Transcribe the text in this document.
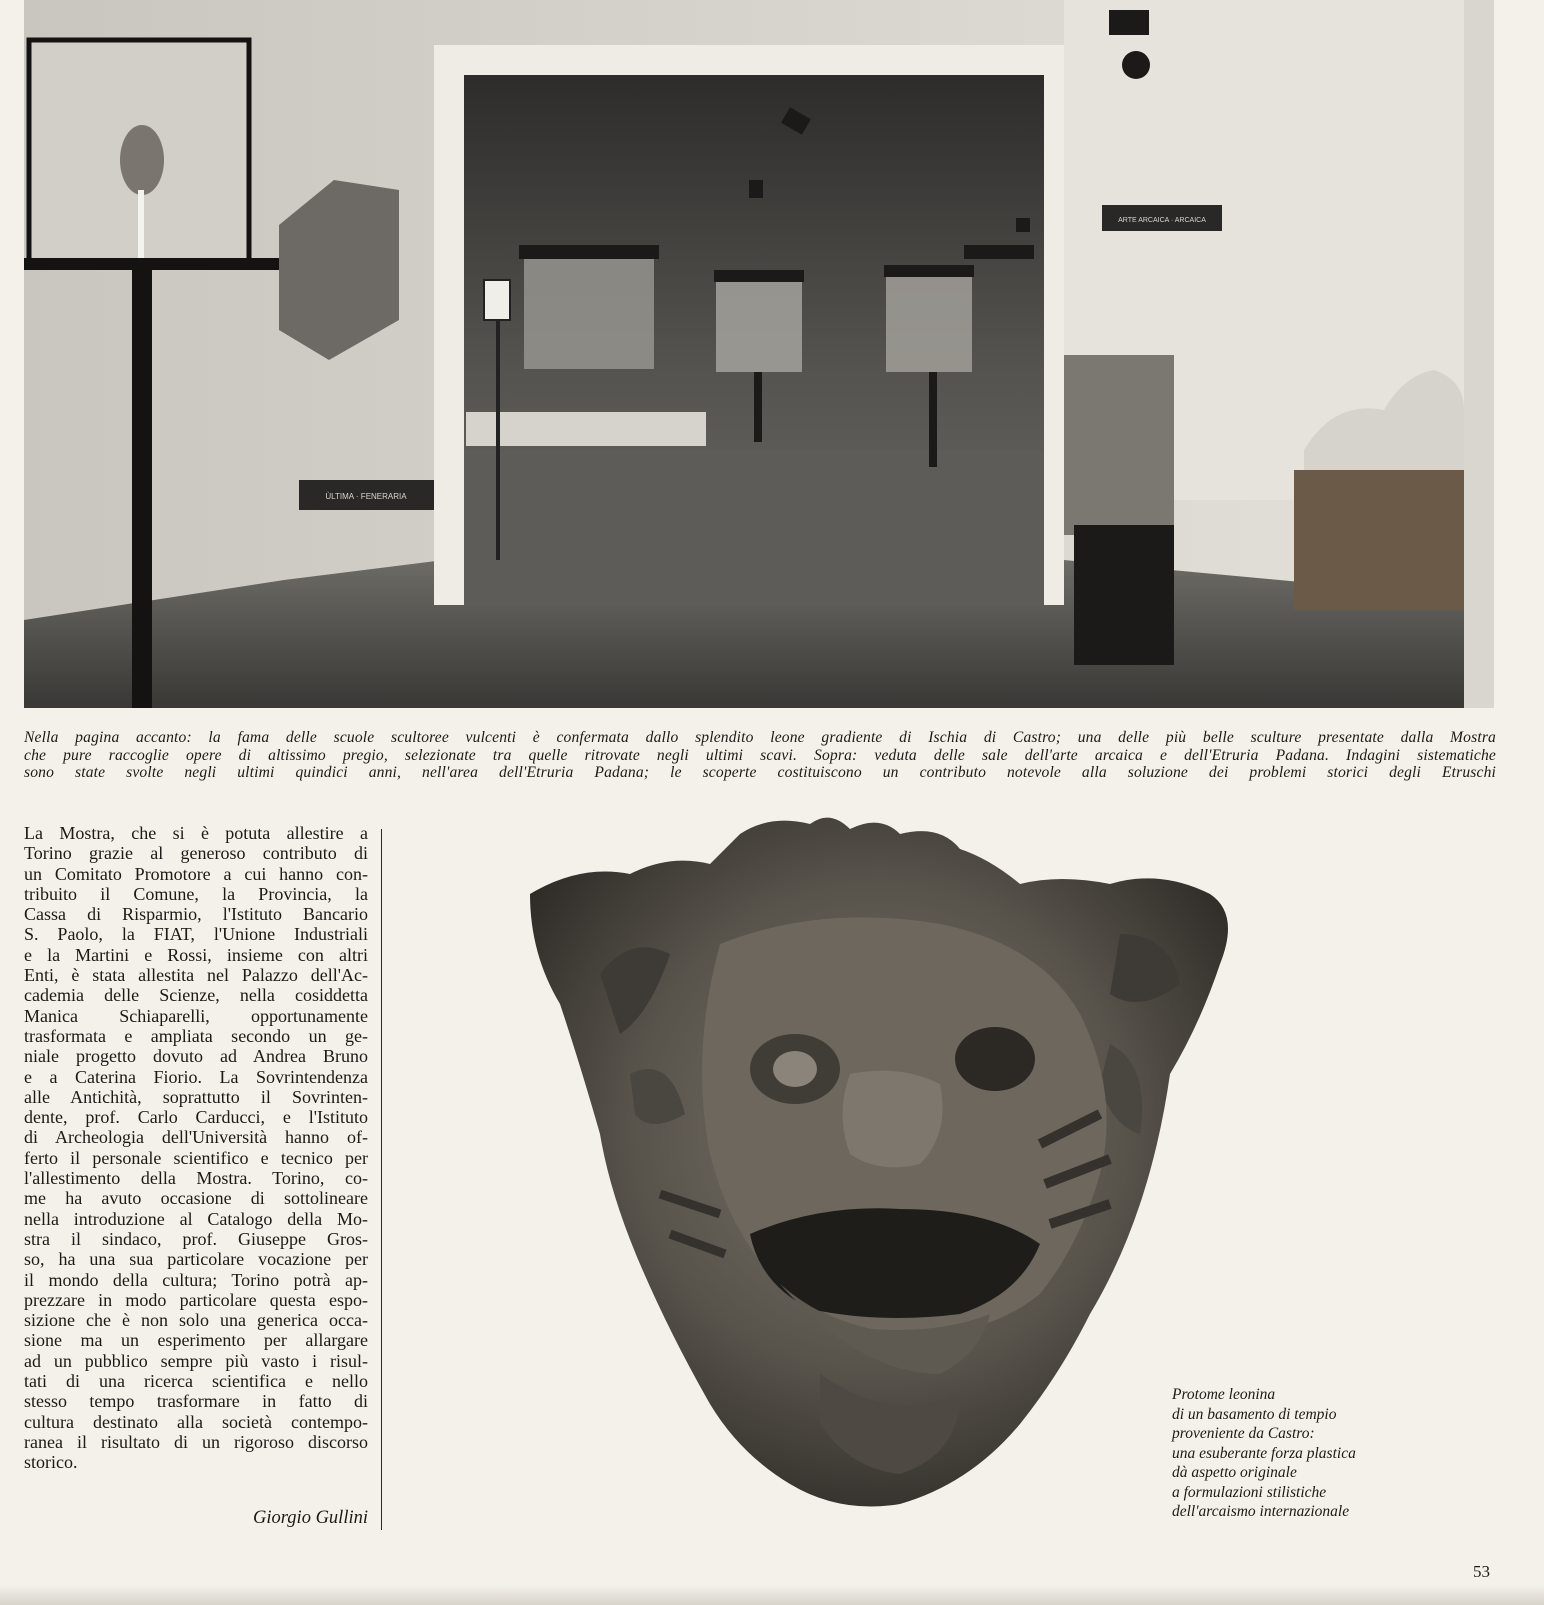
ÙLTIMA · FENERARIA
ARTE ARCAICA · ARCAICA
Nella pagina accanto: la fama delle scuole scultoree vulcenti è confermata dallo splendito leone gradiente di Ischia di Castro; una delle più belle sculture presentate dalla Mostra
che pure raccoglie opere di altissimo pregio, selezionate tra quelle ritrovate negli ultimi scavi. Sopra: veduta delle sale dell'arte arcaica e dell'Etruria Padana. Indagini sistematiche
sono state svolte negli ultimi quindici anni, nell'area dell'Etruria Padana; le scoperte costituiscono un contributo notevole alla soluzione dei problemi storici degli Etruschi
La Mostra, che si è potuta allestire a
Torino grazie al generoso contributo di
un Comitato Promotore a cui hanno con-
tribuito il Comune, la Provincia, la
Cassa di Risparmio, l'Istituto Bancario
S. Paolo, la FIAT, l'Unione Industriali
e la Martini e Rossi, insieme con altri
Enti, è stata allestita nel Palazzo dell'Ac-
cademia delle Scienze, nella cosiddetta
Manica Schiaparelli, opportunamente
trasformata e ampliata secondo un ge-
niale progetto dovuto ad Andrea Bruno
e a Caterina Fiorio. La Sovrintendenza
alle Antichità, soprattutto il Sovrinten-
dente, prof. Carlo Carducci, e l'Istituto
di Archeologia dell'Università hanno of-
ferto il personale scientifico e tecnico per
l'allestimento della Mostra. Torino, co-
me ha avuto occasione di sottolineare
nella introduzione al Catalogo della Mo-
stra il sindaco, prof. Giuseppe Gros-
so, ha una sua particolare vocazione per
il mondo della cultura; Torino potrà ap-
prezzare in modo particolare questa espo-
sizione che è non solo una generica occa-
sione ma un esperimento per allargare
ad un pubblico sempre più vasto i risul-
tati di una ricerca scientifica e nello
stesso tempo trasformare in fatto di
cultura destinato alla società contempo-
ranea il risultato di un rigoroso discorso
storico.
Giorgio Gullini
Protome leonina
di un basamento di tempio
proveniente da Castro:
una esuberante forza plastica
dà aspetto originale
a formulazioni stilistiche
dell'arcaismo internazionale
53
